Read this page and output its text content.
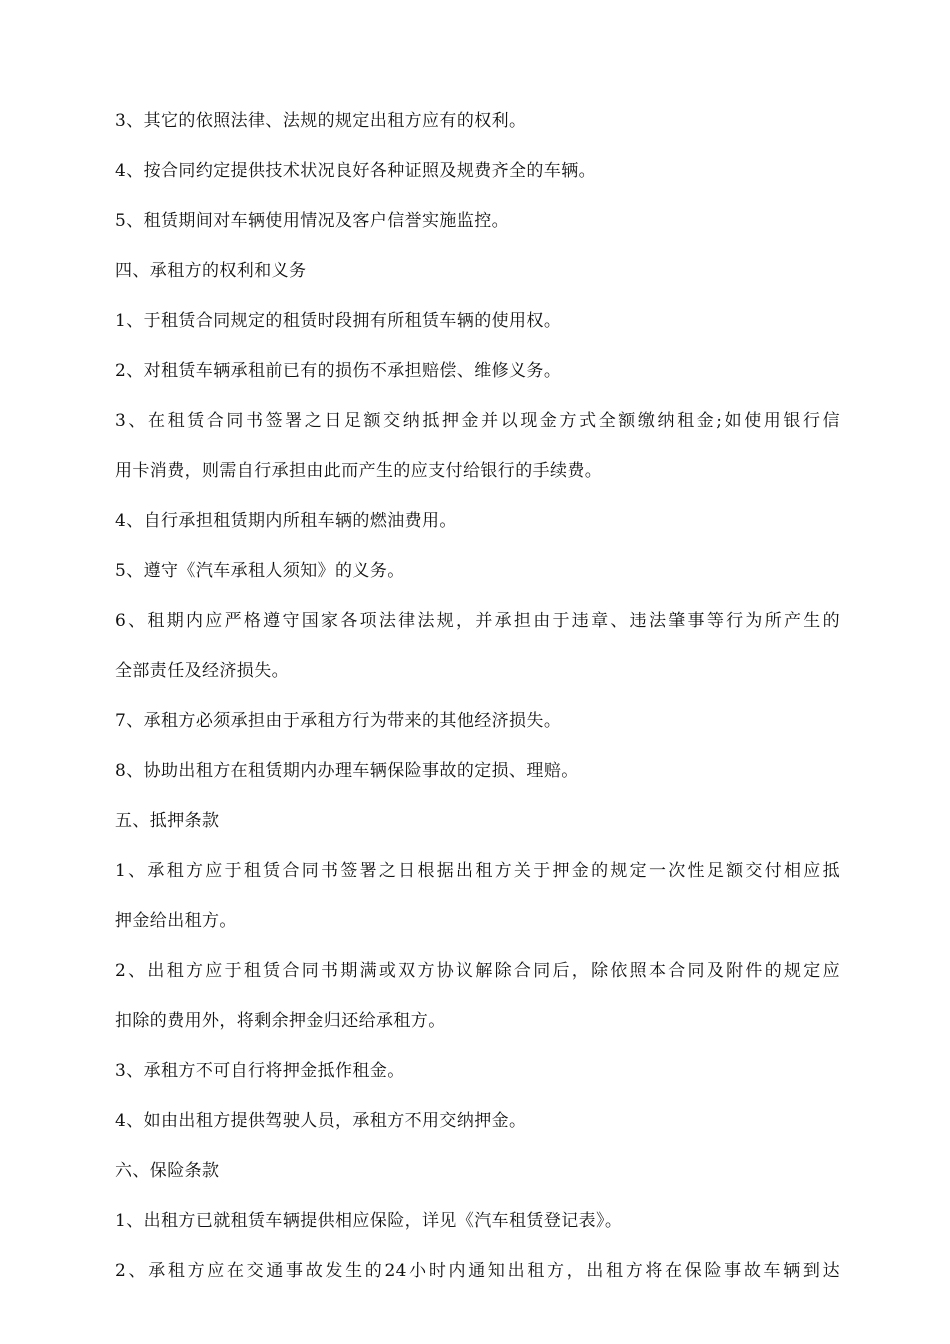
3、其它的依照法律、法规的规定出租方应有的权利。
4、按合同约定提供技术状况良好各种证照及规费齐全的车辆。
5、租赁期间对车辆使用情况及客户信誉实施监控。
四、承租方的权利和义务
1、于租赁合同规定的租赁时段拥有所租赁车辆的使用权。
2、对租赁车辆承租前已有的损伤不承担赔偿、维修义务。
3、在租赁合同书签署之日足额交纳抵押金并以现金方式全额缴纳租金;如使用银行信
用卡消费，则需自行承担由此而产生的应支付给银行的手续费。
4、自行承担租赁期内所租车辆的燃油费用。
5、遵守《汽车承租人须知》的义务。
6、租期内应严格遵守国家各项法律法规，并承担由于违章、违法肇事等行为所产生的
全部责任及经济损失。
7、承租方必须承担由于承租方行为带来的其他经济损失。
8、协助出租方在租赁期内办理车辆保险事故的定损、理赔。
五、抵押条款
1、承租方应于租赁合同书签署之日根据出租方关于押金的规定一次性足额交付相应抵
押金给出租方。
2、出租方应于租赁合同书期满或双方协议解除合同后，除依照本合同及附件的规定应
扣除的费用外，将剩余押金归还给承租方。
3、承租方不可自行将押金抵作租金。
4、如由出租方提供驾驶人员，承租方不用交纳押金。
六、保险条款
1、出租方已就租赁车辆提供相应保险，详见《汽车租赁登记表》。
2、承租方应在交通事故发生的24小时内通知出租方，出租方将在保险事故车辆到达
